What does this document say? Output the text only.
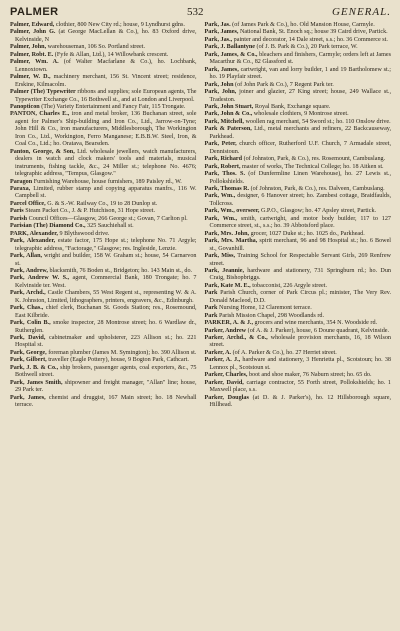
PALMER	532	GENERAL.

Palmer, Edward, clothier, 800 New City rd.; house, 9 Lyndhurst gdns.

Palmer, John G. (at George MacLellan & Co.), ho. 83 Oxford drive, Kelvinside, N

Palmer, John, warehouseman, 106 So. Portland street.

Palmer, Robt. E. (Fyfe & Allan, Ltd.), 14 Willowbank crescent.

Palmer, Wm. A. (of Walter Macfarlane & Co.), ho. Lochbank, Lennoxtown.

Palmer, W. D., machinery merchant, 156 St. Vincent street; residence, Erskine, Kilmacolm.

Palmer (The) Typewriter ribbons and supplies; sole European agents, The Typewriter Exchange Co., 16 Bothwell st., and at London and Liverpool.

Panopticon (The) Variety Entertainment and Fancy Fair, 115 Trongate.

PANTON, Charles E., iron and metal broker, 136 Buchanan street, sole agent for Palmer's Ship-building and Iron Co., Ltd., Jarrow-on-Tyne; John Hill & Co., iron manufacturers, Middlesborough, The Workington Iron Co., Ltd., Workington, Ferro Manganese; E.B.B.W. Steel, Iron, & Coal Co., Ltd.; ho. Oratava, Bearsden.

Panton, George, & Son, Ltd. wholesale jewellers, watch manufacturers, dealers in watch and clock makers' tools and materials, musical instruments, fishing tackle, &c., 24 Miller st.; telephone No. 4676; telegraphic address, "Tempus, Glasgow."

Paragon Furnishing Warehouse, house furnishers, 189 Paisley rd., W.

Paraxa, Limited, rubber stamp and copying apparatus manfrs., 116 W. Campbell st.

Parcel Office, G. & S.-W. Railway Co., 19 to 28 Dunlop st.

Paris Steam Packet Co., J. & P. Hutchison, 31 Hope street.

Parish Council Offices—Glasgow, 266 George st.; Govan, 7 Carlton pl.

Parisian (The) Diamond Co., 325 Sauchiehall st.

PARK, Alexander, 9 Blythswood drive.

Park, Alexander, estate factor, 175 Hope st.; telephone No. 71 Argyle; telegraphic address, "Factorage," Glasgow; res. Ingleside, Lenzie.

Park, Allan, wright and builder, 158 W. Graham st.; house, 54 Carnarvon st.

Park, Andrew, blacksmith, 76 Boden st., Bridgeton; ho. 143 Main st., do.

Park, Andrew W. S., agent, Commercial Bank, 180 Trongate; ho. 7 Kelvinside ter. West.

Park, Archd., Castle Chambers, 55 West Regent st., representing W. & A. K. Johnston, Limited, lithographers, printers, engravers, &c., Edinburgh.

Park, Chas., chief clerk, Buchanan St. Goods Station; res., Rosemound, East Kilbride.

Park, Colin B., smoke inspector, 28 Montrose street; ho. 6 Wardlaw dr., Rutherglen.

Park, David, cabinetmaker and upholsterer, 223 Allison st.; ho. 221 Hospital st.

Park, George, foreman plumber (James M. Symington); ho. 390 Allison st.

Park, Gilbert, traveller (Eagle Pottery), house, 9 Bogton Park, Cathcart.

Park, J. B. & Co., ship brokers, passenger agents, coal exporters, &c., 75 Bothwell street.

Park, James Smith, shipowner and freight manager, "Allan" line; house, 29 Park ter.

Park, James, chemist and druggist, 167 Main street; ho. 18 Newhall terrace.

Park, Jas. (of James Park & Co.), ho. Old Mansion House, Carmyle.

Park, James, National Bank, St. Enoch sq.; house 39 Caird drive, Partick.

Park, Jas., painter and decorator, 14 Dale street, s.s.; ho. 36 Commerce st.

Park, J. Ballantyne (of J. B. Park & Co.), 20 Park terrace, W.

Park, James, & Co., bleachers and finishers, Carmyle; orders left at James Macarthur & Co., 82 Glassford st.

Park, James, cartwright, van and lorry builder, 1 and 19 Bartholomew st.; ho. 19 Playfair street.

Park, John (of John Park & Co.), 7 Regent Park ter.

Park, John, joiner and glazier, 27 King street; house, 249 Wallace st., Tradeston.

Park, John Stuart, Royal Bank, Exchange square.

Park, John & Co., wholesale clothiers, 9 Montrose street.

Park, Mitchell, woollen rag merchant, 54 Sword st.; ho. 110 Onslow drive.

Park & Paterson, Ltd., metal merchants and refiners, 22 Backcauseway, Parkhead.

Park, Peter, church officer, Rutherford U.F. Church, 7 Armadale street, Dennistoun.

Park, Richard (of Johnston, Park, & Co.), res. Rosemount, Cambuslang.

Park, Robert, master of works, The Technical College; ho. 18 Aitken st.

Park, Thos. S. (of Dunfermline Linen Warehouse), ho. 27 Lewis st., Pollokshields.

Park, Thomas R. (of Johnston, Park, & Co.), res. Dalveen, Cambuslang.

Park, Wm., designer, 6 Hanover street; ho. Zambesi cottage, Braidfaulds, Tollcross.

Park, Wm., overseer, G.P.O., Glasgow; ho. 47 Apsley street, Partick.

Park, Wm., smith, cartwright, and motor body builder, 117 to 127 Commerce street, st., s.s.; ho. 39 Abbotsford place.

Park, Mrs. John, grocer, 1027 Duke st.; ho. 1025 do., Parkhead.

Park, Mrs. Martha, spirit merchant, 96 and 98 Hospital st.; ho. 6 Bowel st., Govanhill.

Park, Miss, Training School for Respectable Servant Girls, 269 Renfrew street.

Park, Jeannie, hardware and stationery, 731 Springburn rd.; ho. Dun Craig, Bishopbriggs.

Park, Kate M. E., tobacconist, 226 Argyle street.

Park Parish Church, corner of Park Circus pl.; minister, The Very Rev. Donald Macleod, D.D.

Park Nursing Home, 12 Claremont terrace.

Park Parish Mission Chapel, 298 Woodlands rd.

PARKER, A. & J., grocers and wine merchants, 354 N. Woodside rd.

Parker, Andrew (of A. & J. Parker), house, 6 Doune quadrant, Kelvinside.

Parker, Archd., & Co., wholesale provision merchants, 16, 18 Wilson street.

Parker, A. (of A. Parker & Co.), ho. 27 Herriet street.

Parker, A. J., hardware and stationery, 3 Henrietta pl., Scotstoun; ho. 38 Lennox pl., Scotstoun st.

Parker, Charles, boot and shoe maker, 76 Naburn street; ho. 65 do.

Parker, David, carriage contractor, 55 Forth street, Pollokshields; ho. 1 Maxwell place, s.s.

Parker, Douglas (at D. & J. Parker's), ho. 12 Hillsborough square, Hillhead.
